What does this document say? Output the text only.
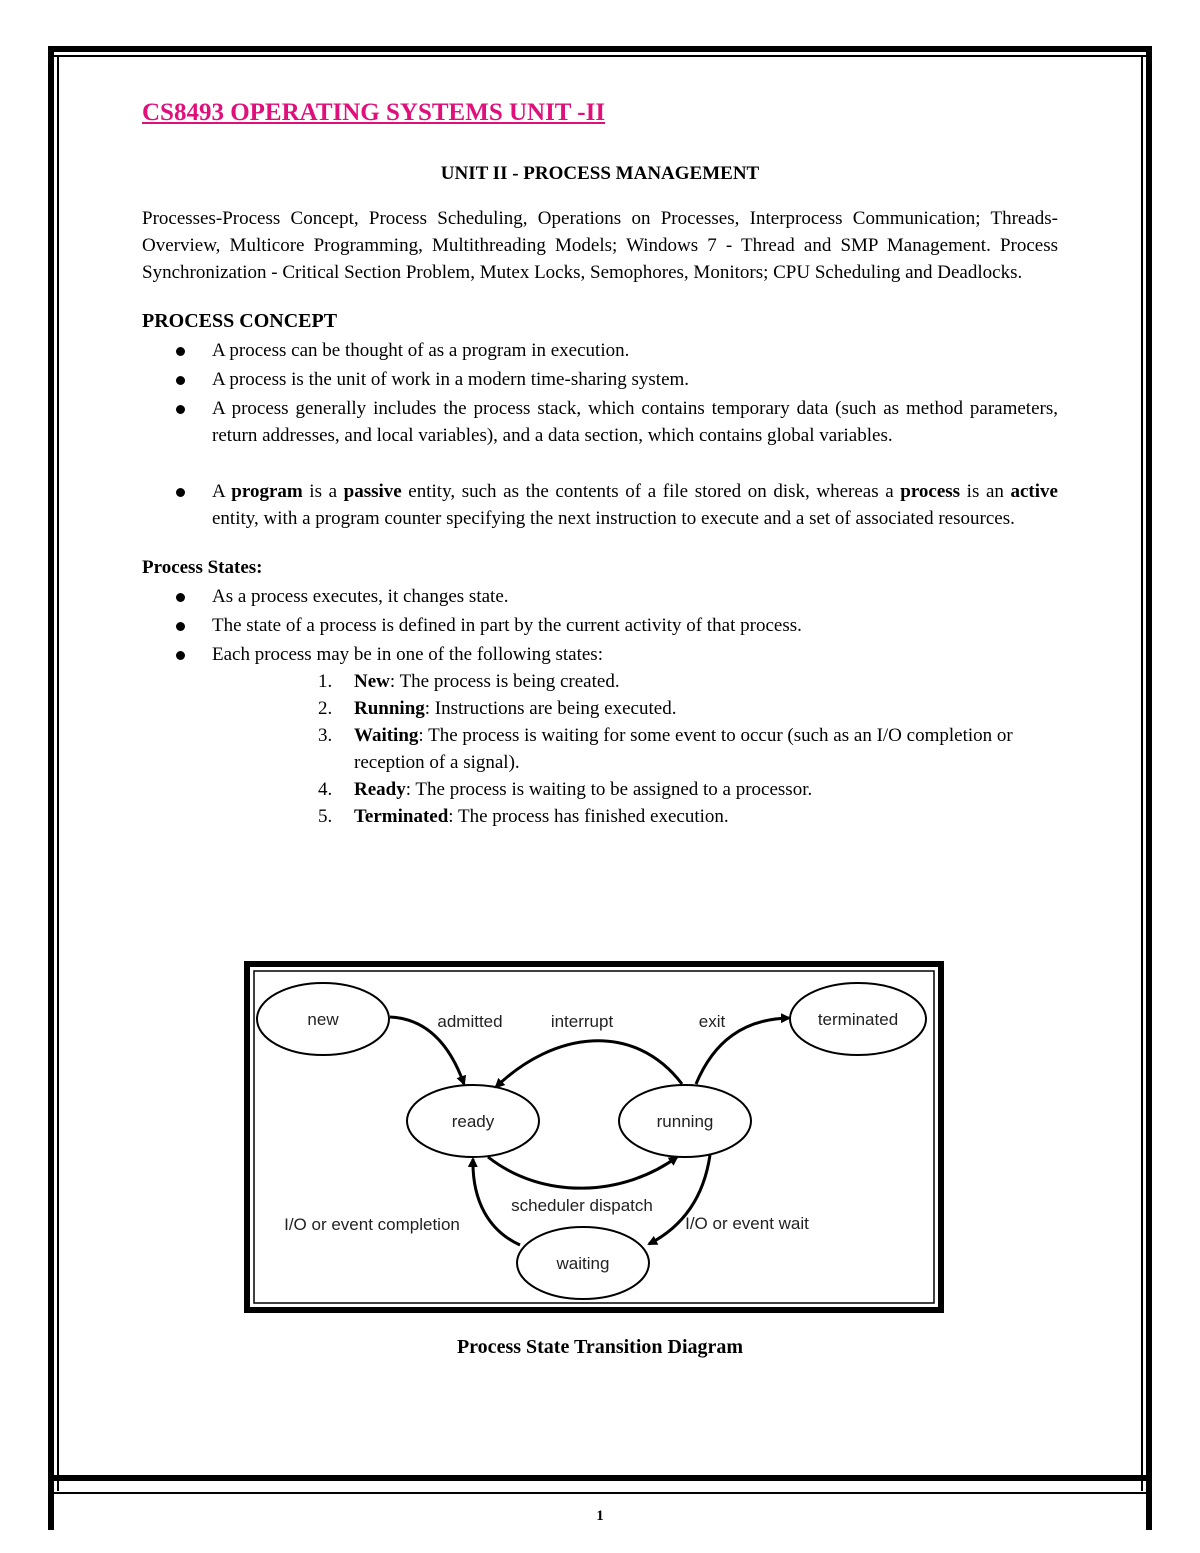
CS8493 OPERATING SYSTEMS UNIT -II
UNIT II - PROCESS MANAGEMENT

Processes-Process Concept, Process Scheduling, Operations on Processes, Interprocess Communication; Threads- Overview, Multicore Programming, Multithreading Models; Windows 7 - Thread and SMP Management. Process Synchronization - Critical Section Problem, Mutex Locks, Semophores, Monitors; CPU Scheduling and Deadlocks.

PROCESS CONCEPT
A process can be thought of as a program in execution.
A process is the unit of work in a modern time-sharing system.
A process generally includes the process stack, which contains temporary data (such as method parameters, return addresses, and local variables), and a data section, which contains global variables.
A program is a passive entity, such as the contents of a file stored on disk, whereas a process is an active entity, with a program counter specifying the next instruction to execute and a set of associated resources.
Process States:
As a process executes, it changes state.
The state of a process is defined in part by the current activity of that process.
Each process may be in one of the following states:
1. New: The process is being created.
2. Running: Instructions are being executed.
3. Waiting: The process is waiting for some event to occur (such as an I/O completion or reception of a signal).
4. Ready: The process is waiting to be assigned to a processor.
5. Terminated: The process has finished execution.
new
ready	running
waiting
terminated
admitted	interrupt	exit
scheduler dispatch
I/O or event completion	I/O or event wait
Process State Transition Diagram
1
